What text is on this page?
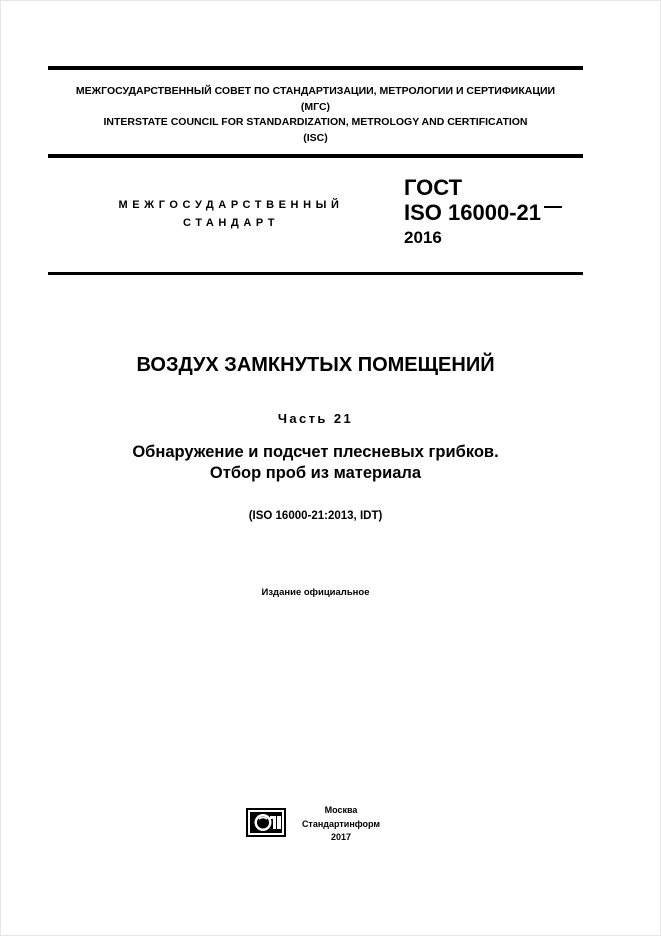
МЕЖГОСУДАРСТВЕННЫЙ СОВЕТ ПО СТАНДАРТИЗАЦИИ, МЕТРОЛОГИИ И СЕРТИФИКАЦИИ
(МГС)
INTERSTATE COUNCIL FOR STANDARDIZATION, METROLOGY AND CERTIFICATION
(ISC)
МЕЖГОСУДАРСТВЕННЫЙ
СТАНДАРТ
ГОСТ
ISO 16000-21
2016
ВОЗДУХ ЗАМКНУТЫХ ПОМЕЩЕНИЙ
Часть 21
Обнаружение и подсчет плесневых грибков.
Отбор проб из материала
(ISO 16000-21:2013, IDT)
Издание официальное
Москва
Стандартинформ
2017
